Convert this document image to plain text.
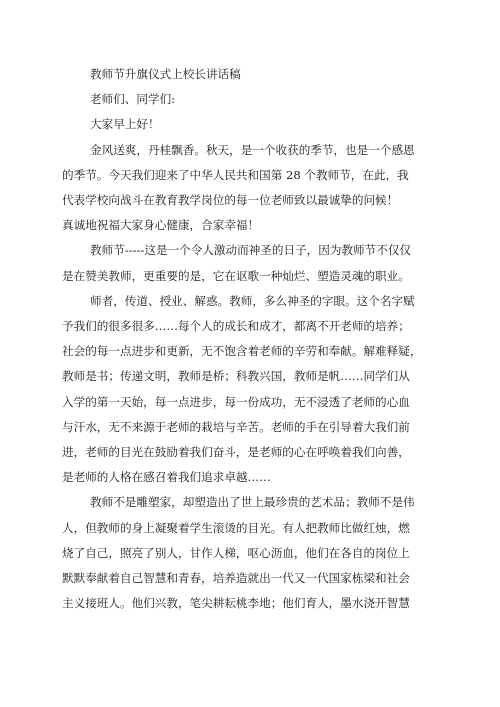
教师节升旗仪式上校长讲话稿

老师们、同学们:

大家早上好！

金风送爽，丹桂飘香。秋天，是一个收获的季节，也是一个感恩

的季节。今天我们迎来了中华人民共和国第 28 个教师节，在此，我

代表学校向战斗在教育教学岗位的每一位老师致以最诚挚的问候！

真诚地祝福大家身心健康，合家幸福！

教师节-----这是一个令人激动而神圣的日子，因为教师节不仅仅

是在赞美教师，更重要的是，它在讴歌一种灿烂、塑造灵魂的职业。

师者，传道、授业、解惑。教师，多么神圣的字眼。这个名字赋

予我们的很多很多……每个人的成长和成才，都离不开老师的培养；

社会的每一点进步和更新，无不饱含着老师的辛劳和奉献。解难释疑，

教师是书；传递文明，教师是桥；科教兴国，教师是帆……同学们从

入学的第一天始，每一点进步，每一份成功，无不浸透了老师的心血

与汗水，无不来源于老师的栽培与辛苦。老师的手在引导着大我们前

进，老师的目光在鼓励着我们奋斗，是老师的心在呼唤着我们向善，

是老师的人格在感召着我们追求卓越……

教师不是雕塑家，却塑造出了世上最珍贵的艺术品；教师不是伟

人，但教师的身上凝聚着学生滚烫的目光。有人把教师比做红烛，燃

烧了自己，照亮了别人，甘作人梯，呕心沥血，他们在各自的岗位上

默默奉献着自己智慧和青春，培养造就出一代又一代国家栋梁和社会

主义接班人。他们兴教，笔尖耕耘桃李地；他们育人，墨水浇开智慧
